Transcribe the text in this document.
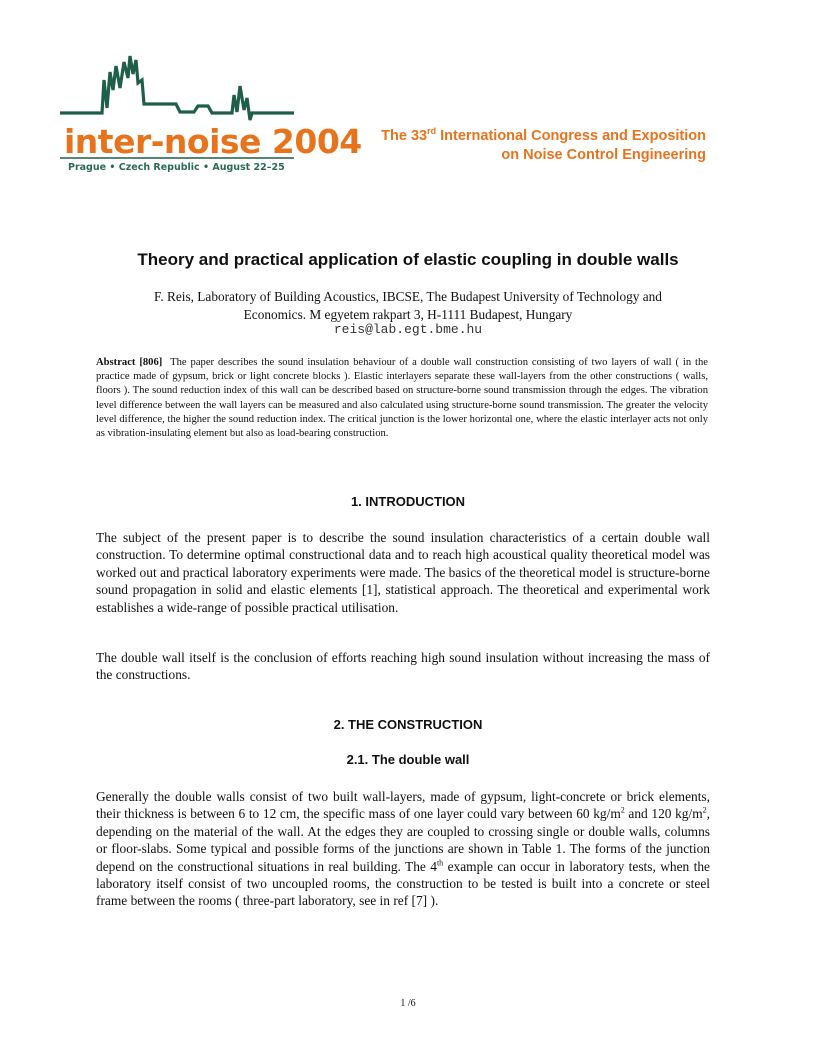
inter-noise 2004
Prague • Czech Republic • August 22–25
The 33rd International Congress and Exposition
on Noise Control Engineering
Theory and practical application of elastic coupling in double walls
F. Reis, Laboratory of Building Acoustics, IBCSE, The Budapest University of Technology and
Economics. M egyetem rakpart 3, H-1111 Budapest, Hungary
reis@lab.egt.bme.hu
Abstract [806] The paper describes the sound insulation behaviour of a double wall construction consisting of two layers of wall ( in the practice made of gypsum, brick or light concrete blocks ). Elastic interlayers separate these wall-layers from the other constructions ( walls, floors ). The sound reduction index of this wall can be described based on structure-borne sound transmission through the edges. The vibration level difference between the wall layers can be measured and also calculated using structure-borne sound transmission. The greater the velocity level difference, the higher the sound reduction index. The critical junction is the lower horizontal one, where the elastic interlayer acts not only as vibration-insulating element but also as load-bearing construction.
1. INTRODUCTION
The subject of the present paper is to describe the sound insulation characteristics of a certain double wall construction. To determine optimal constructional data and to reach high acoustical quality theoretical model was worked out and practical laboratory experiments were made. The basics of the theoretical model is structure-borne sound propagation in solid and elastic elements [1], statistical approach. The theoretical and experimental work establishes a wide-range of possible practical utilisation.
The double wall itself is the conclusion of efforts reaching high sound insulation without increasing the mass of the constructions.
2. THE CONSTRUCTION
2.1. The double wall
Generally the double walls consist of two built wall-layers, made of gypsum, light-concrete or brick elements, their thickness is between 6 to 12 cm, the specific mass of one layer could vary between 60 $kg/m^2$ and 120 $kg/m^2$, depending on the material of the wall. At the edges they are coupled to crossing single or double walls, columns or floor-slabs. Some typical and possible forms of the junctions are shown in Table 1. The forms of the junction depend on the constructional situations in real building. The 4th example can occur in laboratory tests, when the laboratory itself consist of two uncoupled rooms, the construction to be tested is built into a concrete or steel frame between the rooms ( three-part laboratory, see in ref [7] ).
1 /6
